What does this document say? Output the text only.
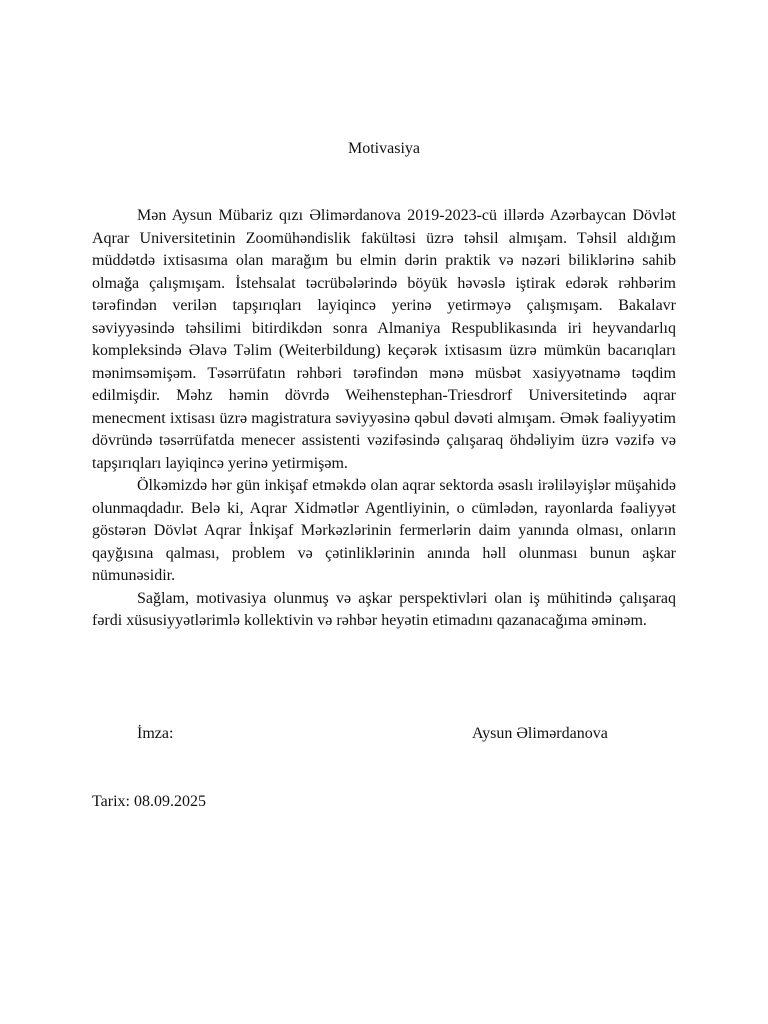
Motivasiya

Mən Aysun Mübariz qızı Əlimərdanova 2019-2023-cü illərdə Azərbaycan Dövlət Aqrar Universitetinin Zoomühəndislik fakültəsi üzrə təhsil almışam. Təhsil aldığım müddətdə ixtisasıma olan marağım bu elmin dərin praktik və nəzəri biliklərinə sahib olmağa çalışmışam. İstehsalat təcrübələrində böyük həvəslə iştirak edərək rəhbərim tərəfindən verilən tapşırıqları layiqincə yerinə yetirməyə çalışmışam. Bakalavr səviyyəsində təhsilimi bitirdikdən sonra Almaniya Respublikasında iri heyvandarlıq kompleksində Əlavə Təlim (Weiterbildung) keçərək ixtisasım üzrə mümkün bacarıqları mənimsəmişəm. Təsərrüfatın rəhbəri tərəfindən mənə müsbət xasiyyətnamə təqdim edilmişdir. Məhz həmin dövrdə Weihenstephan-Triesdrorf Universitetində aqrar menecment ixtisası üzrə magistratura səviyyəsinə qəbul dəvəti almışam. Əmək fəaliyyətim dövründə təsərrüfatda menecer assistenti vəzifəsində çalışaraq öhdəliyim üzrə vəzifə və tapşırıqları layiqincə yerinə yetirmişəm.

Ölkəmizdə hər gün inkişaf etməkdə olan aqrar sektorda əsaslı irəliləyişlər müşahidə olunmaqdadır. Belə ki, Aqrar Xidmətlər Agentliyinin, o cümlədən, rayonlarda fəaliyyət göstərən Dövlət Aqrar İnkişaf Mərkəzlərinin fermerlərin daim yanında olması, onların qayğısına qalması, problem və çətinliklərinin anında həll olunması bunun aşkar nümunəsidir.

Sağlam, motivasiya olunmuş və aşkar perspektivləri olan iş mühitində çalışaraq fərdi xüsusiyyətlərimlə kollektivin və rəhbər heyətin etimadını qazanacağıma əminəm.

İmza:	Aysun Əlimərdanova
Tarix: 08.09.2025
